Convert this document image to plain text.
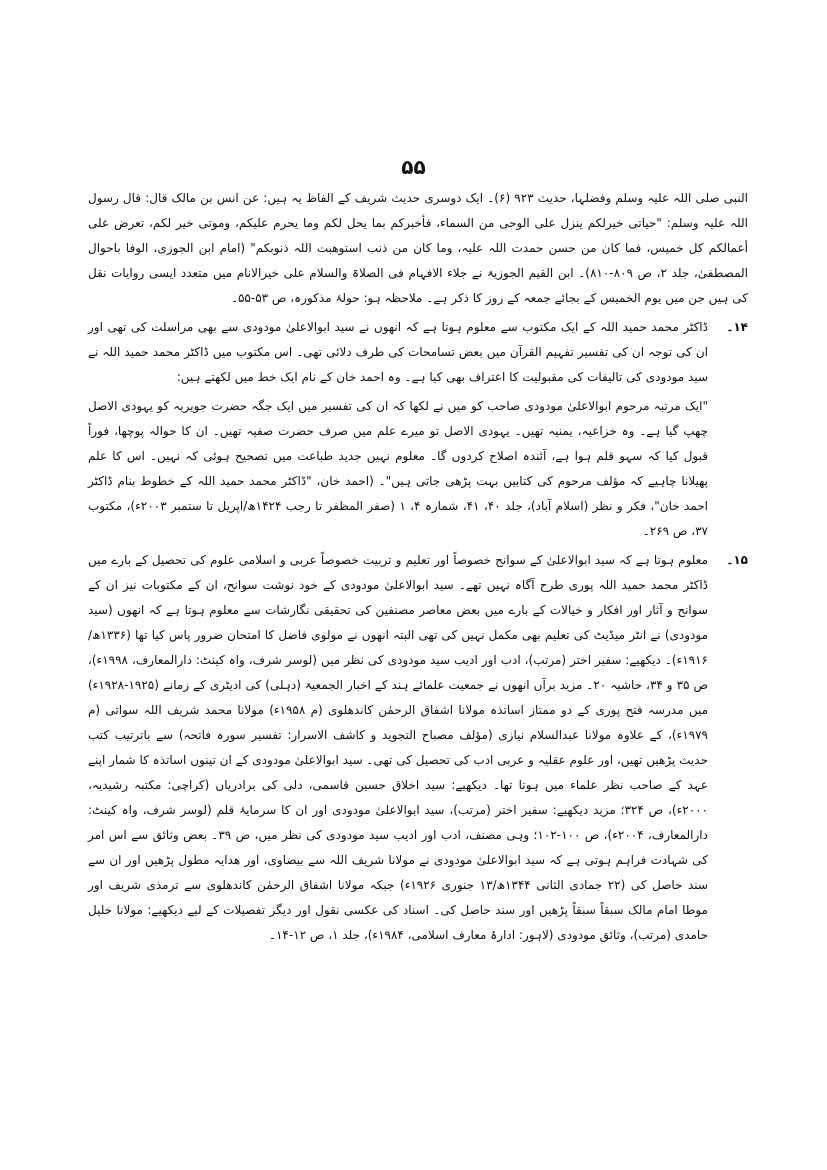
۵۵

النبی صلی اللہ علیہ وسلم وفضلہا، حدیث ۹۲۳ (۶)۔ ایک دوسری حدیث شریف کے الفاظ یہ ہیں: عن انس بن مالک قال: قال رسول اللہ علیہ وسلم: "حیاتی خیرلکم ینزل علی الوحی من السماء، فأخبرکم بما یحل لکم وما یحرم علیکم، وموتی خیر لکم، تعرض علی أعمالکم کل خمیس، فما کان من حسن حمدت اللہ علیہ، وما کان من ذنب استوھبت اللہ ذنوبکم" (امام ابن الجوزی، الوفا باحوال المصطفیٰ، جلد ۲، ص ۸۰۹-۸۱۰)۔ ابن القیم الجوزیۃ نے جلاء الافہام فی الصلاۃ والسلام علی خیرالانام میں متعدد ایسی روایات نقل کی ہیں جن میں یوم الخمیس کے بجائے جمعہ کے روز کا ذکر ہے۔ ملاحظہ ہو: حولۂ مذکورہ، ص ۵۳-۵۵۔

۱۴۔

ڈاکٹر محمد حمید اللہ کے ایک مکتوب سے معلوم ہوتا ہے کہ انھوں نے سید ابوالاعلیٰ مودودی سے بھی مراسلت کی تھی اور ان کی توجہ ان کی تفسیر تفہیم القرآن میں بعض تسامحات کی طرف دلائی تھی۔ اس مکتوب میں ڈاکٹر محمد حمید اللہ نے سید مودودی کی تالیفات کی مقبولیت کا اعتراف بھی کیا ہے۔ وہ احمد خان کے نام ایک خط میں لکھتے ہیں:

"ایک مرتبہ مرحوم ابوالاعلیٰ مودودی صاحب کو میں نے لکھا کہ ان کی تفسیر میں ایک جگہ حضرت جویریہ کو یہودی الاصل چھپ گیا ہے۔ وہ خزاعیہ، یمنیہ تھیں۔ یہودی الاصل تو میرے علم میں صرف حضرت صفیہ تھیں۔ ان کا حوالہ پوچھا، فوراً قبول کیا کہ سہو قلم ہوا ہے، آئندہ اصلاح کردوں گا۔ معلوم نہیں جدید طباعت میں تصحیح ہوئی کہ نہیں۔ اس کا علم پھیلانا چاہیے کہ مؤلف مرحوم کی کتابیں بہت پڑھی جاتی ہیں"۔ (احمد خان، "ڈاکٹر محمد حمید اللہ کے خطوط بنام ڈاکٹر احمد خان"، فکر و نظر (اسلام آباد)، جلد ۴۰، ۴۱، شمارہ ۴، ۱ (صفر المظفر تا رجب ۱۴۲۴ھ/اپریل تا ستمبر ۲۰۰۳ء)، مکتوب ۳۷، ص ۲۶۹۔

۱۵۔

معلوم ہوتا ہے کہ سید ابوالاعلیٰ کے سوانح خصوصاً اور تعلیم و تربیت خصوصاً عربی و اسلامی علوم کی تحصیل کے بارے میں ڈاکٹر محمد حمید اللہ پوری طرح آگاہ نہیں تھے۔ سید ابوالاعلیٰ مودودی کے خود نوشت سوانح، ان کے مکتوبات نیز ان کے سوانح و آثار اور افکار و خیالات کے بارے میں بعض معاصر مصنفین کی تحقیقی نگارشات سے معلوم ہوتا ہے کہ انھوں (سید مودودی) نے انٹر میڈیٹ کی تعلیم بھی مکمل نہیں کی تھی البتہ انھوں نے مولوی فاضل کا امتحان ضرور پاس کیا تھا (۱۳۳۶ھ/۱۹۱۶ء)۔ دیکھیے: سفیر اختر (مرتب)، ادب اور ادیب سید مودودی کی نظر میں (لوسر شرف، واہ کینٹ: دارالمعارف، ۱۹۹۸ء)، ص ۳۵ و ۳۴، حاشیہ ۲۰۔ مزید برآں انھوں نے جمعیت علمائے ہند کے اخبار الجمعیۃ (دہلی) کی ادیٹری کے زمانے (۱۹۲۵-۱۹۲۸ء) میں مدرسہ فتح پوری کے دو ممتاز اساتذہ مولانا اشفاق الرحمٰن کاندھلوی (م ۱۹۵۸ء) مولانا محمد شریف اللہ سواتی (م ۱۹۷۹ء)، کے علاوہ مولانا عبدالسلام نیازی (مؤلف مصباح التجوید و کاشف الاسرار: تفسیر سورہ فاتحہ) سے باترتیب کتب حدیث پڑھیں تھیں، اور علوم عقلیہ و عربی ادب کی تحصیل کی تھی۔ سید ابوالاعلیٰ مودودی کے ان تینوں اساتذہ کا شمار اپنے عہد کے صاحب نظر علماء میں ہوتا تھا۔ دیکھیے: سید اخلاق حسین قاسمی، دلی کی برادریاں (کراچی: مکتبہ رشیدیہ، ۲۰۰۰ء)، ص ۳۲۴؛ مزید دیکھیے: سفیر اختر (مرتب)، سید ابوالاعلیٰ مودودی اور ان کا سرمایۂ قلم (لوسر شرف، واہ کینٹ: دارالمعارف، ۲۰۰۴ء)، ص ۱۰۰-۱۰۲؛ وہی مصنف، ادب اور ادیب سید مودودی کی نظر میں، ص ۳۹۔ بعض وثائق سے اس امر کی شہادت فراہم ہوتی ہے کہ سید ابوالاعلیٰ مودودی نے مولانا شریف اللہ سے بیضاوی، اور ھدایہ مطول پڑھیں اور ان سے سند حاصل کی (۲۲ جمادی الثانی ۱۳۴۴ھ/۱۳ جنوری ۱۹۲۶ء) جبکہ مولانا اشفاق الرحمٰن کاندھلوی سے ترمذی شریف اور موطا امام مالک سبقاً سبقاً پڑھیں اور سند حاصل کی۔ اسناد کی عکسی نقول اور دیگر تفصیلات کے لیے دیکھیے: مولانا خلیل حامدی (مرتب)، وثائق مودودی (لاہور: ادارۂ معارف اسلامی، ۱۹۸۴ء)، جلد ۱، ص ۱۲-۱۴۔
